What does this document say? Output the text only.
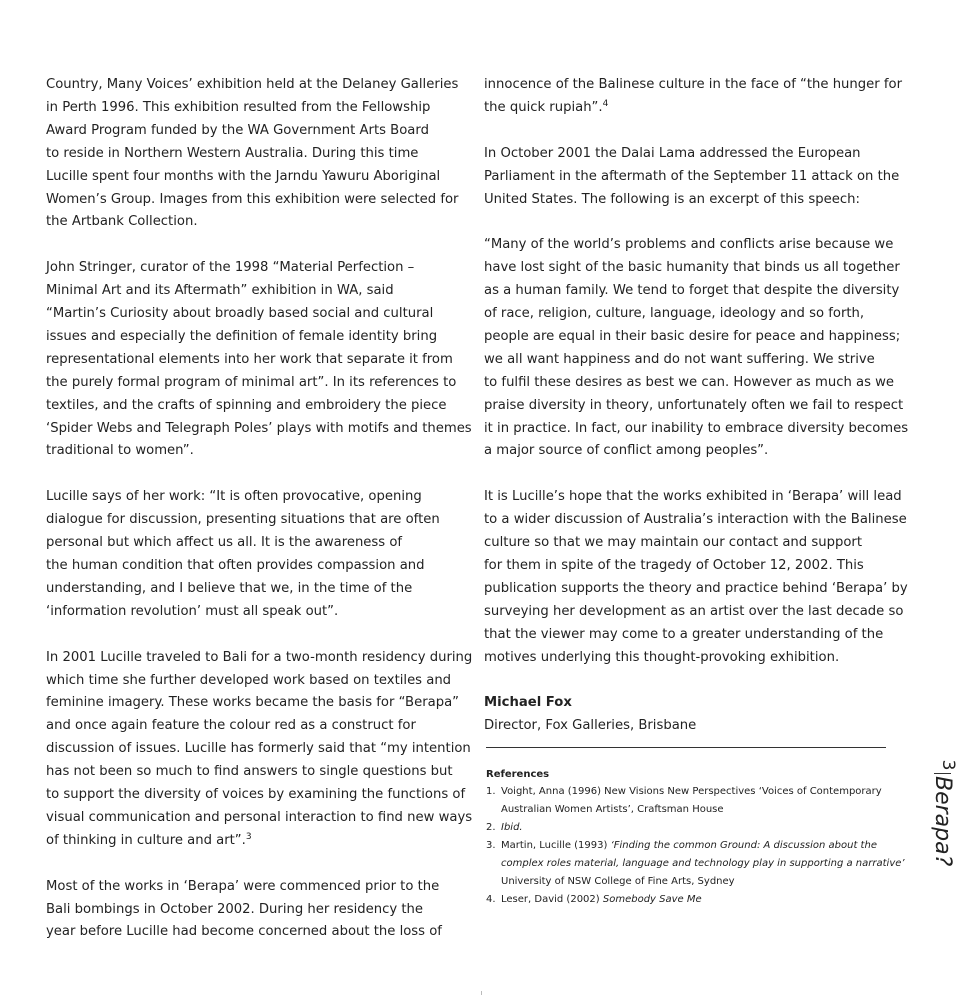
Country, Many Voices’ exhibition held at the Delaney Galleries
in Perth 1996. This exhibition resulted from the Fellowship
Award Program funded by the WA Government Arts Board
to reside in Northern Western Australia. During this time
Lucille spent four months with the Jarndu Yawuru Aboriginal
Women’s Group. Images from this exhibition were selected for
the Artbank Collection.
John Stringer, curator of the 1998 “Material Perfection –
Minimal Art and its Aftermath” exhibition in WA, said
“Martin’s Curiosity about broadly based social and cultural
issues and especially the definition of female identity bring
representational elements into her work that separate it from
the purely formal program of minimal art”. In its references to
textiles, and the crafts of spinning and embroidery the piece
‘Spider Webs and Telegraph Poles’ plays with motifs and themes
traditional to women”.
Lucille says of her work: “It is often provocative, opening
dialogue for discussion, presenting situations that are often
personal but which affect us all. It is the awareness of
the human condition that often provides compassion and
understanding, and I believe that we, in the time of the
‘information revolution’ must all speak out”.
In 2001 Lucille traveled to Bali for a two-month residency during
which time she further developed work based on textiles and
feminine imagery. These works became the basis for “Berapa”
and once again feature the colour red as a construct for
discussion of issues. Lucille has formerly said that “my intention
has not been so much to find answers to single questions but
to support the diversity of voices by examining the functions of
visual communication and personal interaction to find new ways
of thinking in culture and art”.$^3$
Most of the works in ‘Berapa’ were commenced prior to the
Bali bombings in October 2002. During her residency the
year before Lucille had become concerned about the loss of
innocence of the Balinese culture in the face of “the hunger for
the quick rupiah”.$^4$
In October 2001 the Dalai Lama addressed the European
Parliament in the aftermath of the September 11 attack on the
United States. The following is an excerpt of this speech:
“Many of the world’s problems and conflicts arise because we
have lost sight of the basic humanity that binds us all together
as a human family. We tend to forget that despite the diversity
of race, religion, culture, language, ideology and so forth,
people are equal in their basic desire for peace and happiness;
we all want happiness and do not want suffering. We strive
to fulfil these desires as best we can. However as much as we
praise diversity in theory, unfortunately often we fail to respect
it in practice. In fact, our inability to embrace diversity becomes
a major source of conflict among peoples”.
It is Lucille’s hope that the works exhibited in ‘Berapa’ will lead
to a wider discussion of Australia’s interaction with the Balinese
culture so that we may maintain our contact and support
for them in spite of the tragedy of October 12, 2002. This
publication supports the theory and practice behind ‘Berapa’ by
surveying her development as an artist over the last decade so
that the viewer may come to a greater understanding of the
motives underlying this thought-provoking exhibition.
Michael Fox
Director, Fox Galleries, Brisbane
References
1. Voight, Anna (1996) New Visions New Perspectives ‘Voices of Contemporary
Australian Women Artists’, Craftsman House
2. Ibid.
3. Martin, Lucille (1993) ‘Finding the common Ground: A discussion about the
complex roles material, language and technology play in supporting a narrative’
University of NSW College of Fine Arts, Sydney
4. Leser, David (2002) Somebody Save Me
3
Berapa?
